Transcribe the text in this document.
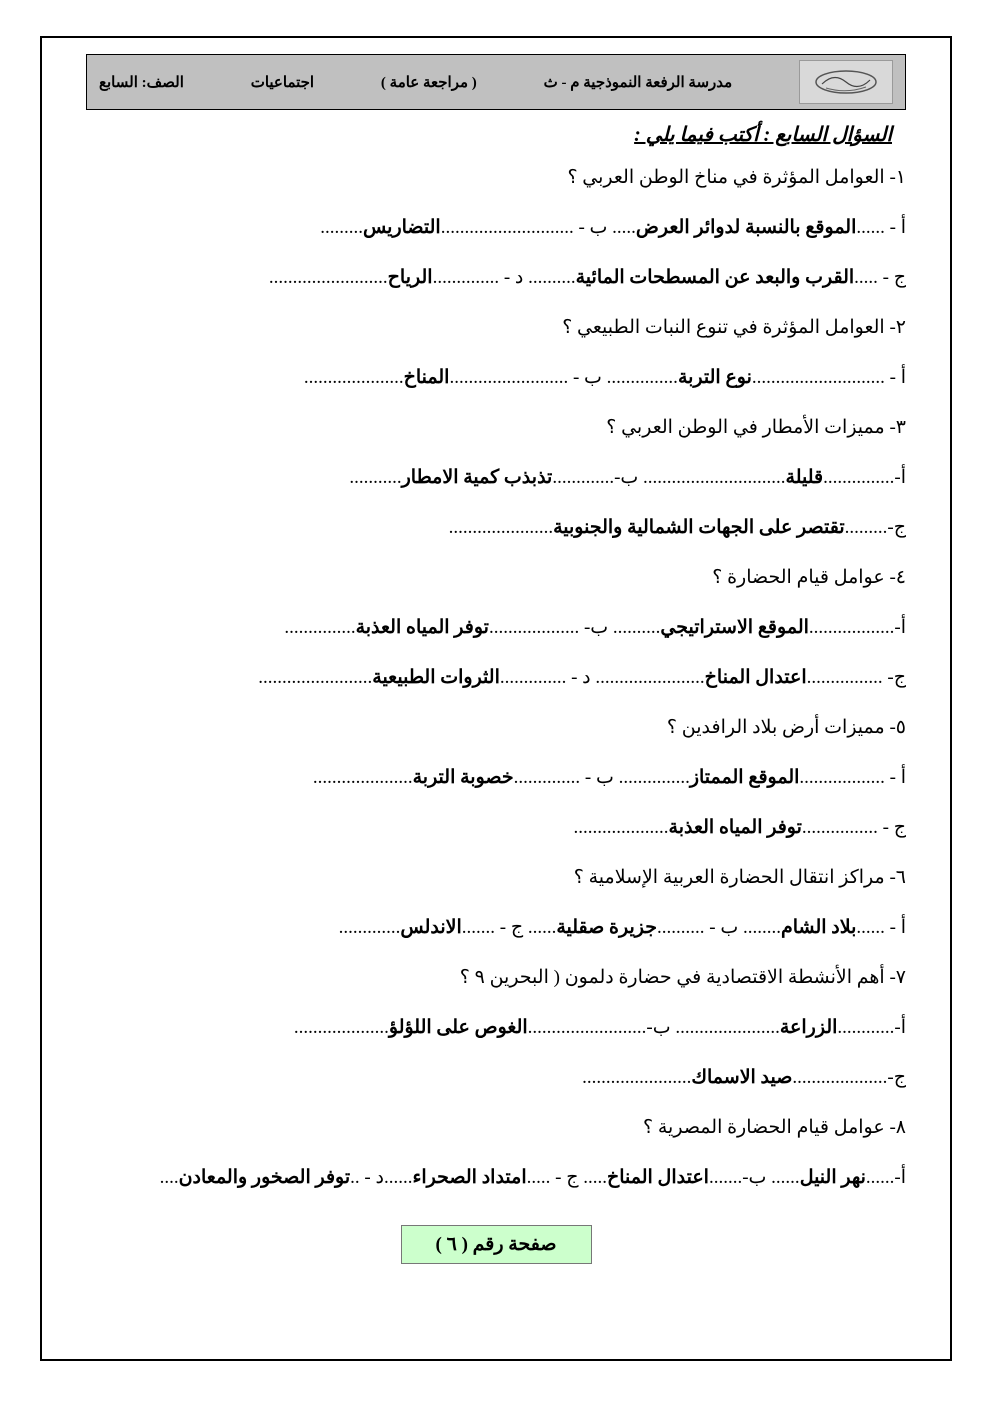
مدرسة الرفعة النموذجية م - ث
( مراجعة عامة )
اجتماعيات
الصف: السابع
السؤال السابع : أكتب فيما يلي :
١- العوامل المؤثرة في مناخ الوطن العربي ؟
أ - ......الموقع بالنسبة لدوائر العرض..... ب - ............................التضاريس.........
ج - .....القرب والبعد عن المسطحات المائية.......... د - ..............الرياح.........................
٢- العوامل المؤثرة في تنوع النبات الطبيعي ؟
أ - ............................نوع التربة............... ب - .........................المناخ.....................
٣- مميزات الأمطار في الوطن العربي ؟
أ-...............قليلة.............................. ب-.............تذبذب كمية الامطار...........
ج-.........تقتصر على الجهات الشمالية والجنوبية......................
٤- عوامل قيام الحضارة ؟
أ-..................الموقع الاستراتيجي.......... ب- ...................توفر المياه العذبة...............
ج- ................اعتدال المناخ....................... د - ..............الثروات الطبيعية........................
٥- مميزات أرض بلاد الرافدين ؟
أ - ..................الموقع الممتاز............... ب - ..............خصوبة التربة.....................
ج - ................توفر المياه العذبة....................
٦- مراكز انتقال الحضارة العربية الإسلامية ؟
أ - ......بلاد الشام........ ب - ..........جزيرة صقلية...... ج - .......الاندلس.............
٧- أهم الأنشطة الاقتصادية في حضارة دلمون ( البحرين ٩ ؟
أ-............الزراعة...................... ب-.........................الغوص على اللؤلؤ....................
ج-....................صيد الاسماك.......................
٨- عوامل قيام الحضارة المصرية ؟
أ-......نهر النيل...... ب-.......اعتدال المناخ..... ج - .....امتداد الصحراء......د - ..توفر الصخور والمعادن....
صفحة رقم ( ٦ )
